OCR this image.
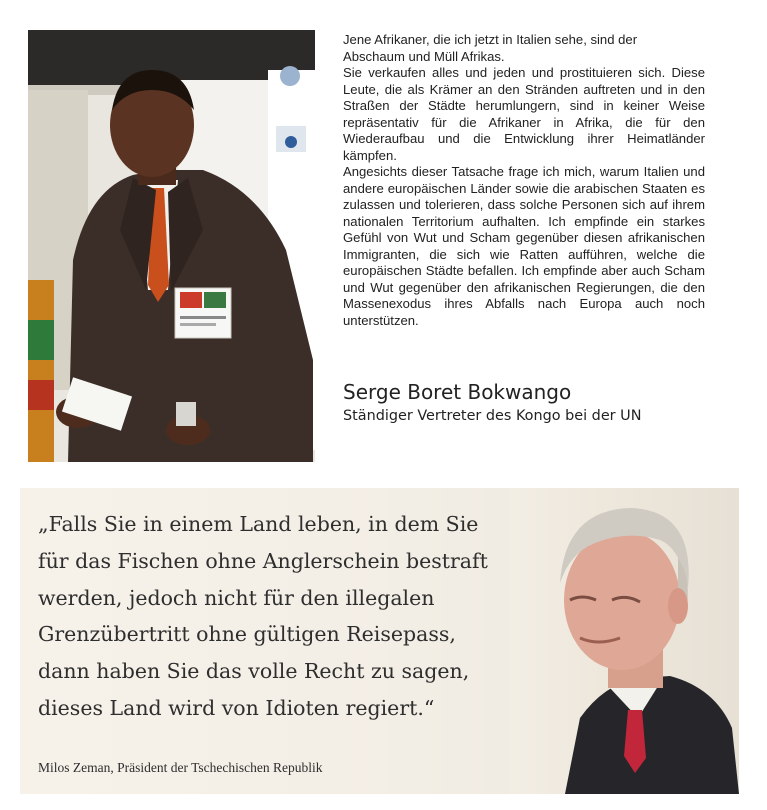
Jene Afrikaner, die ich jetzt in Italien sehe, sind der Abschaum und Müll Afrikas.

Sie verkaufen alles und jeden und prostituieren sich. Diese Leute, die als Krämer an den Stränden auftreten und in den Straßen der Städte herumlungern, sind in keiner Weise repräsentativ für die Afrikaner in Afrika, die für den Wiederaufbau und die Entwicklung ihrer Heimatländer kämpfen.

Angesichts dieser Tatsache frage ich mich, warum Italien und andere europäischen Länder sowie die arabischen Staaten es zulassen und tolerieren, dass solche Personen sich auf ihrem nationalen Territorium aufhalten. Ich empfinde ein starkes Gefühl von Wut und Scham gegenüber diesen afrikanischen Immigranten, die sich wie Ratten aufführen, welche die europäischen Städte befallen. Ich empfinde aber auch Scham und Wut gegenüber den afrikanischen Regierungen, die den Massenexodus ihres Abfalls nach Europa auch noch unterstützen.

Serge Boret Bokwango
Ständiger Vertreter des Kongo bei der UN
„Falls Sie in einem Land leben, in dem Sie
für das Fischen ohne Anglerschein bestraft
werden, jedoch nicht für den illegalen
Grenzübertritt ohne gültigen Reisepass,
dann haben Sie das volle Recht zu sagen,
dieses Land wird von Idioten regiert.“
Milos Zeman, Präsident der Tschechischen Republik
